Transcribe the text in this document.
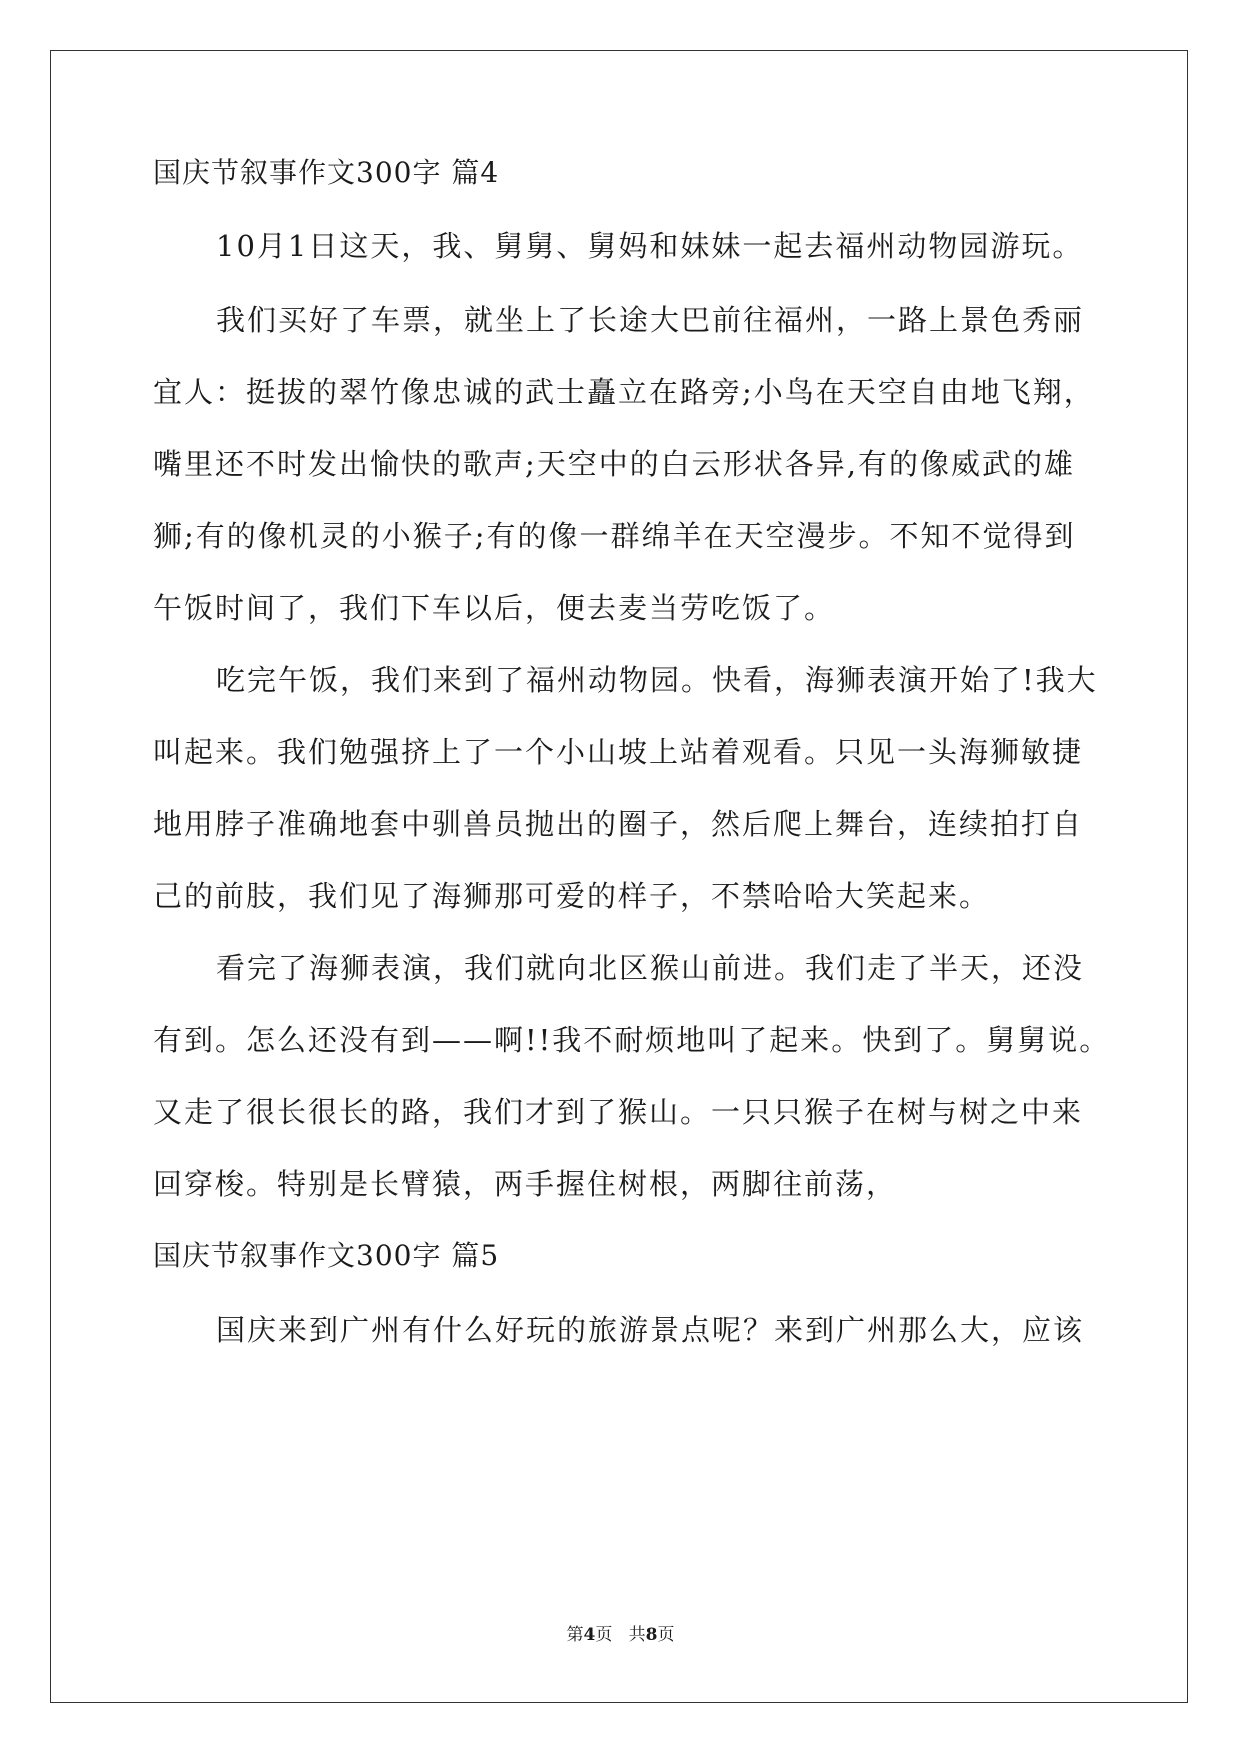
国庆节叙事作文300字 篇4
10月1日这天，我、舅舅、舅妈和妹妹一起去福州动物园游玩。
我们买好了车票，就坐上了长途大巴前往福州，一路上景色秀丽
宜人：挺拔的翠竹像忠诚的武士矗立在路旁;小鸟在天空自由地飞翔，
嘴里还不时发出愉快的歌声;天空中的白云形状各异,有的像威武的雄
狮;有的像机灵的小猴子;有的像一群绵羊在天空漫步。不知不觉得到
午饭时间了，我们下车以后，便去麦当劳吃饭了。
吃完午饭，我们来到了福州动物园。快看，海狮表演开始了!我大
叫起来。我们勉强挤上了一个小山坡上站着观看。只见一头海狮敏捷
地用脖子准确地套中驯兽员抛出的圈子，然后爬上舞台，连续拍打自
己的前肢，我们见了海狮那可爱的样子，不禁哈哈大笑起来。
看完了海狮表演，我们就向北区猴山前进。我们走了半天，还没
有到。怎么还没有到——啊!!我不耐烦地叫了起来。快到了。舅舅说。
又走了很长很长的路，我们才到了猴山。一只只猴子在树与树之中来
回穿梭。特别是长臂猿，两手握住树根，两脚往前荡，
国庆节叙事作文300字 篇5
国庆来到广州有什么好玩的旅游景点呢？来到广州那么大，应该
第4页 共8页
